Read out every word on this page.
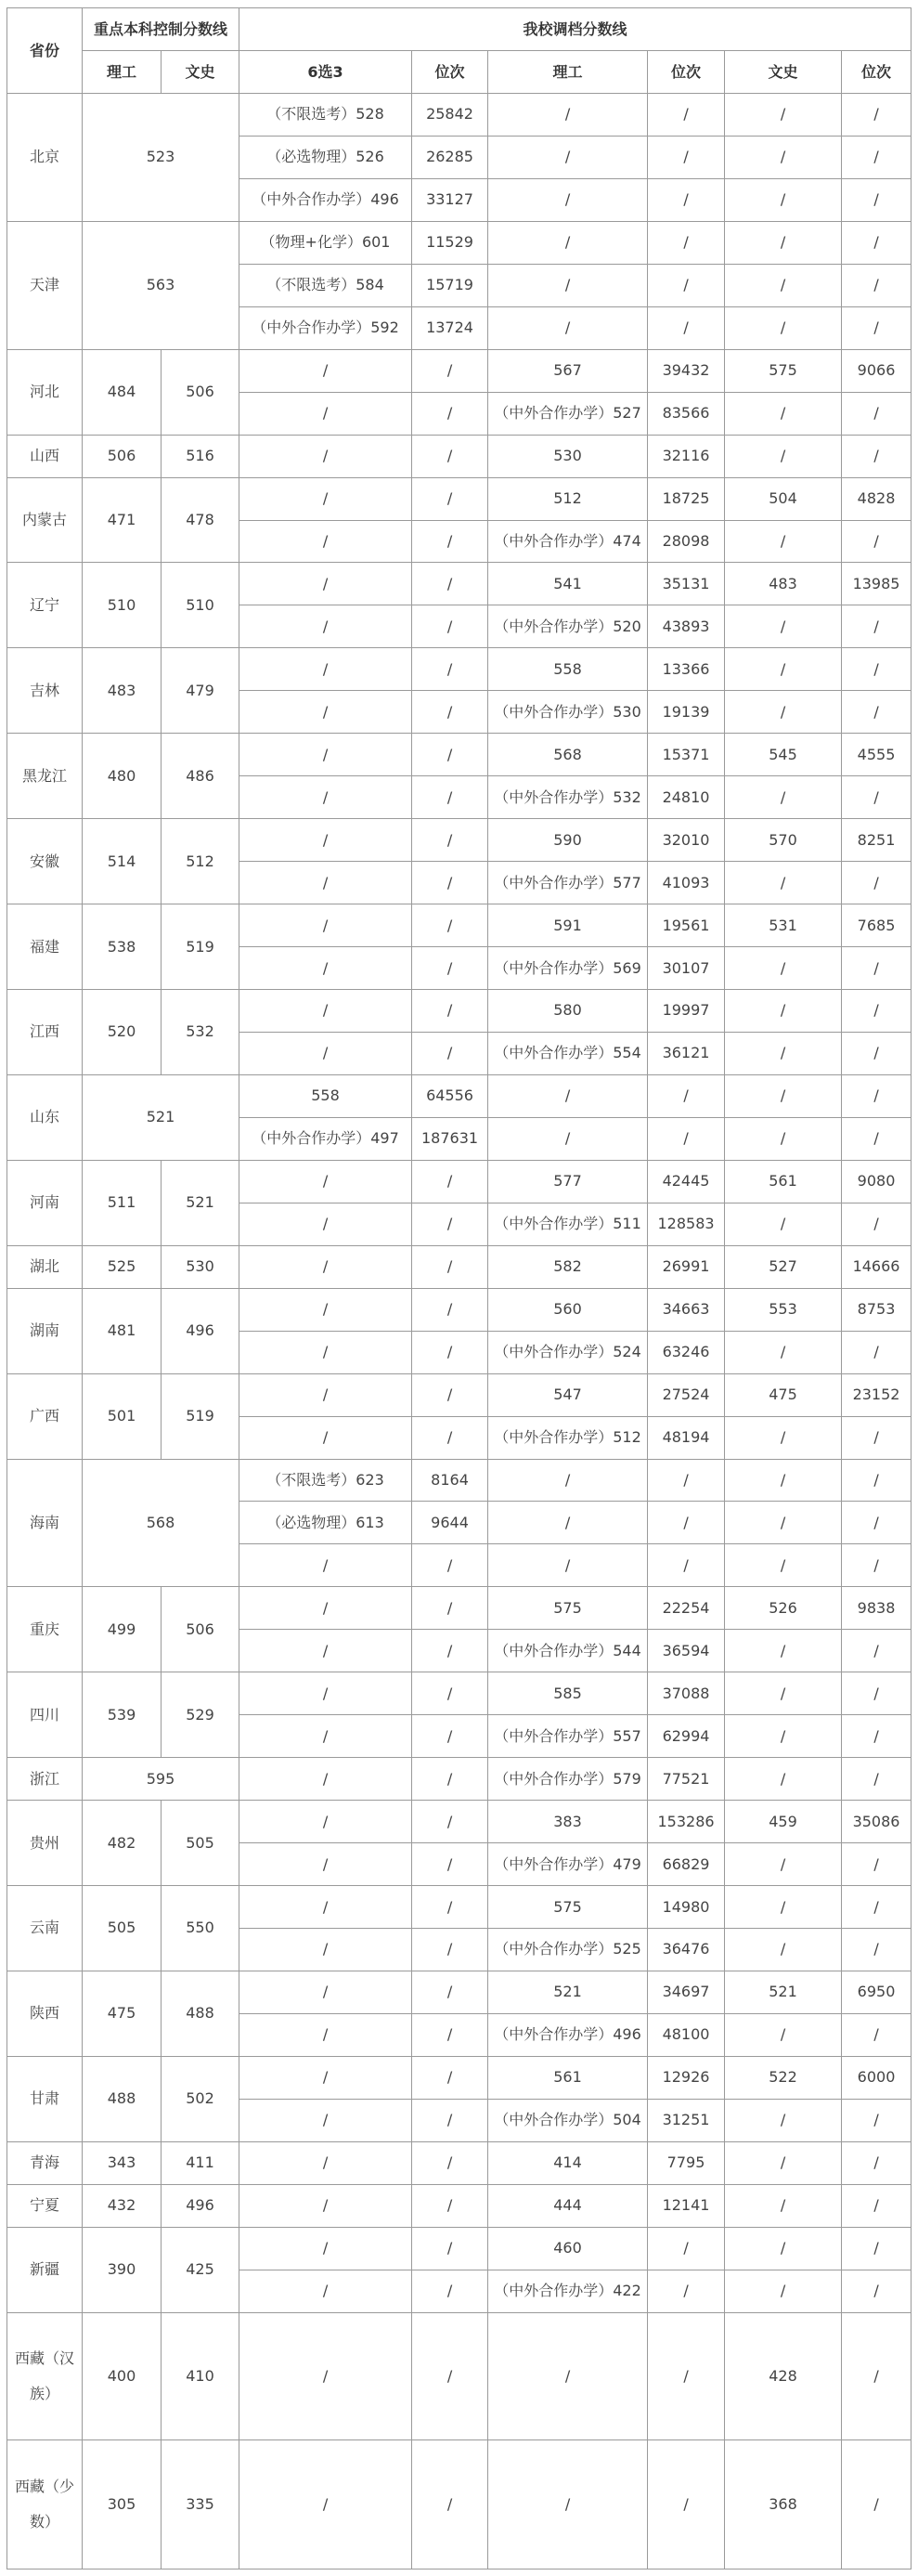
省份	重点本科控制分数线		我校调档分数线					
	理工	文史	6选3	位次	理工	位次	文史	位次
北京	523		（不限选考）528	25842	/	/	/	/
			（必选物理）526	26285	/	/	/	/
			（中外合作办学）496	33127	/	/	/	/
天津	563		（物理+化学）601	11529	/	/	/	/
			（不限选考）584	15719	/	/	/	/
			（中外合作办学）592	13724	/	/	/	/
河北	484	506	/	/	567	39432	575	9066
			/	/	（中外合作办学）527	83566	/	/
山西	506	516	/	/	530	32116	/	/
内蒙古	471	478	/	/	512	18725	504	4828
			/	/	（中外合作办学）474	28098	/	/
辽宁	510	510	/	/	541	35131	483	13985
			/	/	（中外合作办学）520	43893	/	/
吉林	483	479	/	/	558	13366	/	/
			/	/	（中外合作办学）530	19139	/	/
黑龙江	480	486	/	/	568	15371	545	4555
			/	/	（中外合作办学）532	24810	/	/
安徽	514	512	/	/	590	32010	570	8251
			/	/	（中外合作办学）577	41093	/	/
福建	538	519	/	/	591	19561	531	7685
			/	/	（中外合作办学）569	30107	/	/
江西	520	532	/	/	580	19997	/	/
			/	/	（中外合作办学）554	36121	/	/
山东	521		558	64556	/	/	/	/
			（中外合作办学）497	187631	/	/	/	/
河南	511	521	/	/	577	42445	561	9080
			/	/	（中外合作办学）511	128583	/	/
湖北	525	530	/	/	582	26991	527	14666
湖南	481	496	/	/	560	34663	553	8753
			/	/	（中外合作办学）524	63246	/	/
广西	501	519	/	/	547	27524	475	23152
			/	/	（中外合作办学）512	48194	/	/
海南	568		（不限选考）623	8164	/	/	/	/
			（必选物理）613	9644	/	/	/	/
			/	/	/	/	/	/
重庆	499	506	/	/	575	22254	526	9838
			/	/	（中外合作办学）544	36594	/	/
四川	539	529	/	/	585	37088	/	/
			/	/	（中外合作办学）557	62994	/	/
浙江	595		/	/	（中外合作办学）579	77521	/	/
贵州	482	505	/	/	383	153286	459	35086
			/	/	（中外合作办学）479	66829	/	/
云南	505	550	/	/	575	14980	/	/
			/	/	（中外合作办学）525	36476	/	/
陕西	475	488	/	/	521	34697	521	6950
			/	/	（中外合作办学）496	48100	/	/
甘肃	488	502	/	/	561	12926	522	6000
			/	/	（中外合作办学）504	31251	/	/
青海	343	411	/	/	414	7795	/	/
宁夏	432	496	/	/	444	12141	/	/
新疆	390	425	/	/	460	/	/	/
			/	/	（中外合作办学）422	/	/	/
西藏（汉族）	400	410	/	/	/	/	428	/
西藏（少数）	305	335	/	/	/	/	368	/
